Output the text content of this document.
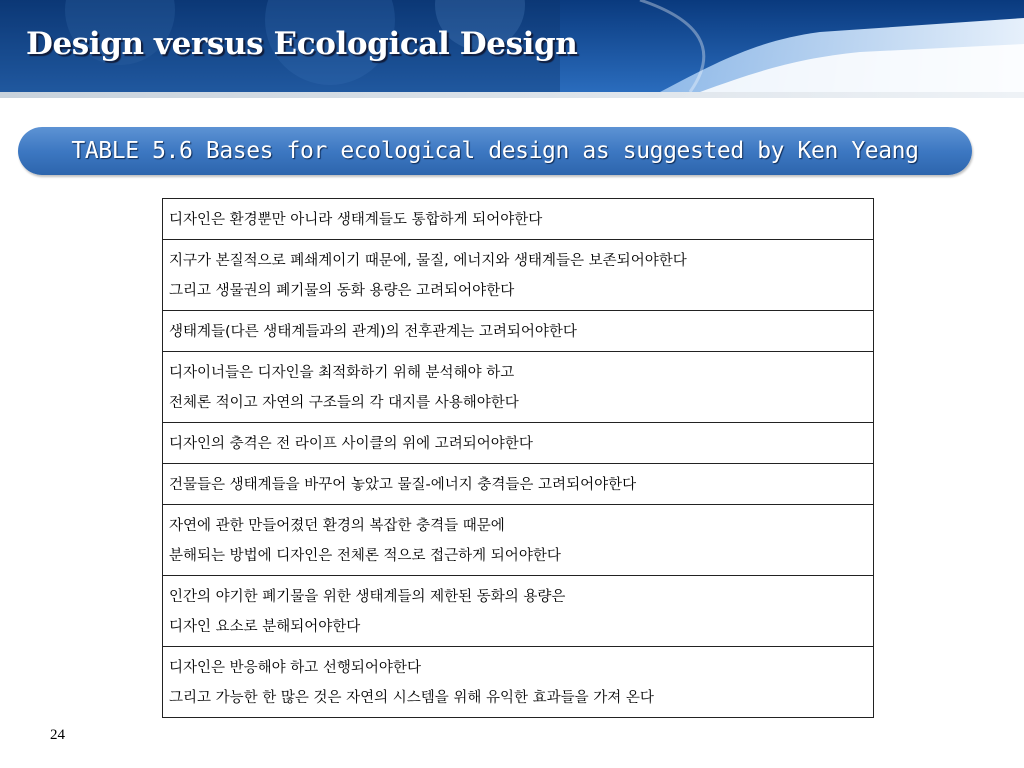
Design versus Ecological Design
TABLE 5.6 Bases for ecological design as suggested by Ken Yeang
디자인은 환경뿐만 아니라 생태계들도 통합하게 되어야한다

지구가 본질적으로 폐쇄계이기 때문에, 물질, 에너지와 생태계들은 보존되어야한다
그리고 생물권의 폐기물의 동화 용량은 고려되어야한다

생태계들(다른 생태계들과의 관계)의 전후관계는 고려되어야한다

디자이너들은 디자인을 최적화하기 위해 분석해야 하고
전체론 적이고 자연의 구조들의 각 대지를 사용해야한다

디자인의 충격은 전 라이프 사이클의 위에 고려되어야한다

건물들은 생태계들을 바꾸어 놓았고 물질-에너지 충격들은 고려되어야한다

자연에 관한 만들어졌던 환경의 복잡한 충격들 때문에
분해되는 방법에 디자인은 전체론 적으로 접근하게 되어야한다

인간의 야기한 폐기물을 위한 생태계들의 제한된 동화의 용량은
디자인 요소로 분해되어야한다

디자인은 반응해야 하고 선행되어야한다
그리고 가능한 한 많은 것은 자연의 시스템을 위해 유익한 효과들을 가져 온다
24
